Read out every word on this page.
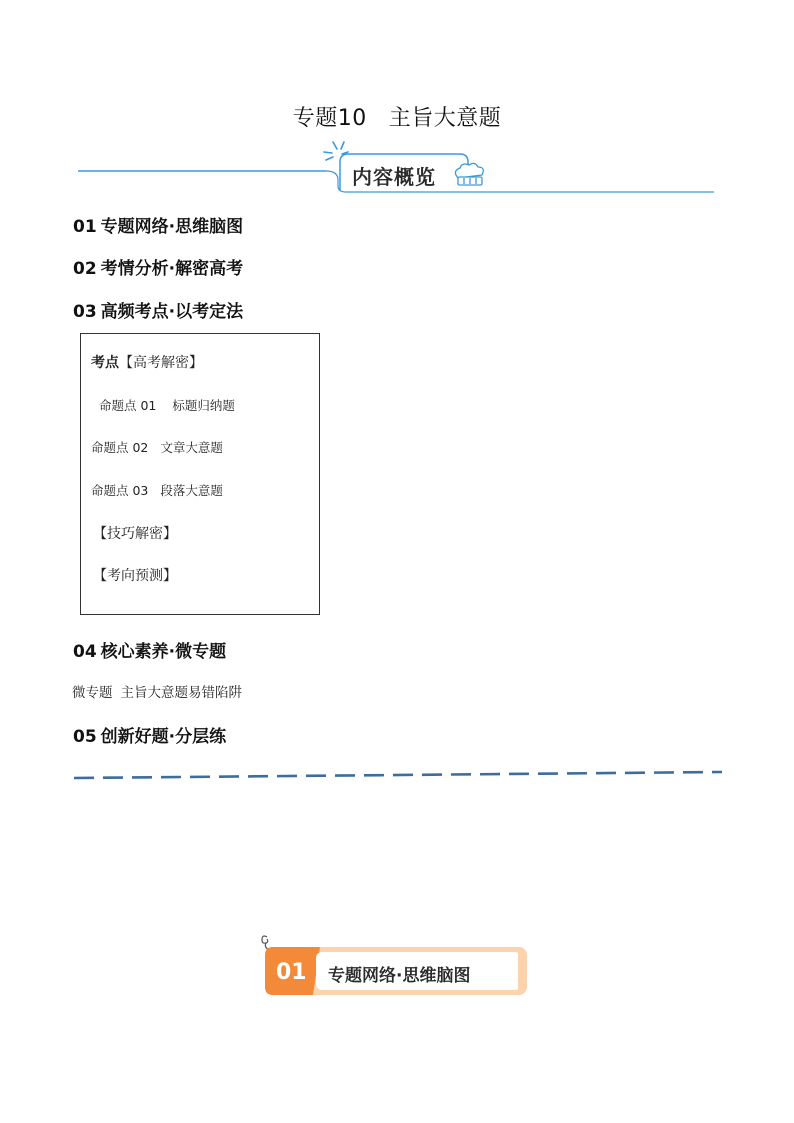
专题10 主旨大意题
内容概览
01 专题网络·思维脑图
02 考情分析·解密高考
03 高频考点·以考定法
考点【高考解密】
命题点 01 标题归纳题
命题点 02 文章大意题
命题点 03 段落大意题
【技巧解密】
【考向预测】
04 核心素养·微专题
微专题 主旨大意题易错陷阱
05 创新好题·分层练
01 专题网络·思维脑图
